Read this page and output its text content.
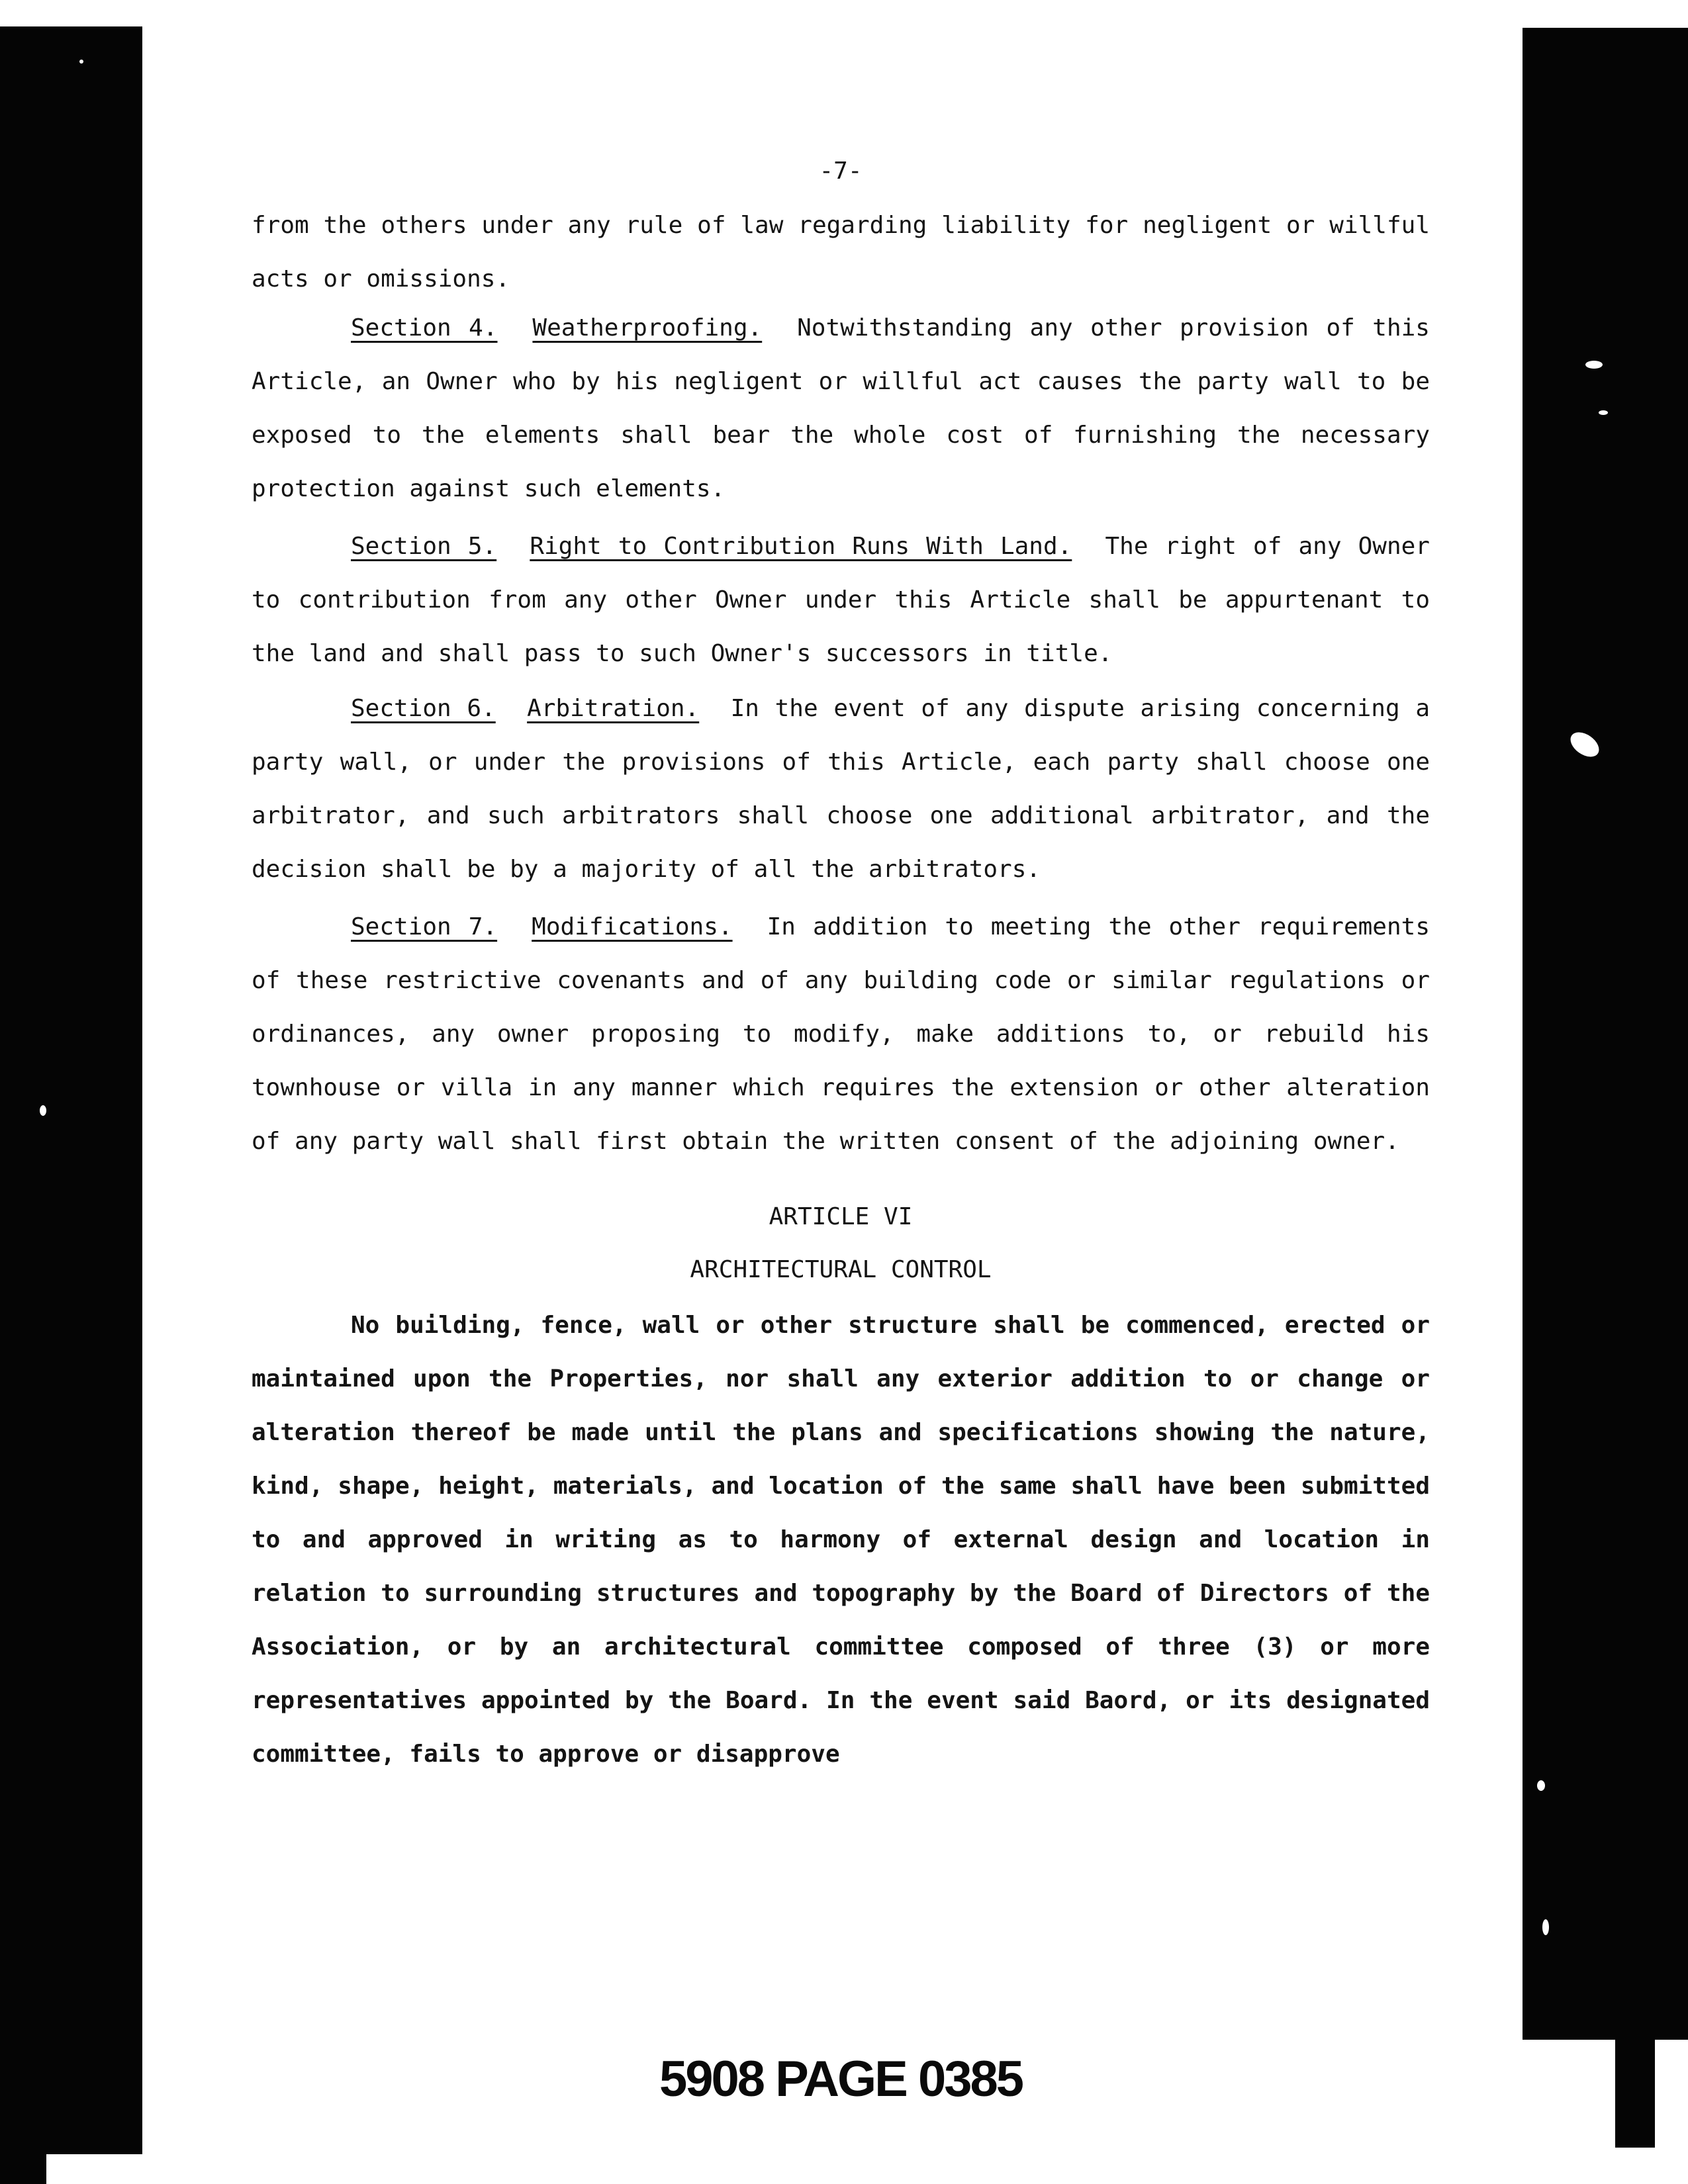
-7-

from the others under any rule of law regarding liability for negligent or willful acts or omissions.

Section 4. Weatherproofing. Notwithstanding any other provision of this Article, an Owner who by his negligent or willful act causes the party wall to be exposed to the elements shall bear the whole cost of furnishing the necessary protection against such elements.

Section 5. Right to Contribution Runs With Land. The right of any Owner to contribution from any other Owner under this Article shall be appurtenant to the land and shall pass to such Owner's successors in title.

Section 6. Arbitration. In the event of any dispute arising concerning a party wall, or under the provisions of this Article, each party shall choose one arbitrator, and such arbitrators shall choose one additional arbitrator, and the decision shall be by a majority of all the arbitrators.

Section 7. Modifications. In addition to meeting the other requirements of these restrictive covenants and of any building code or similar regulations or ordinances, any owner proposing to modify, make additions to, or rebuild his townhouse or villa in any manner which requires the extension or other alteration of any party wall shall first obtain the written consent of the adjoining owner.

ARTICLE VI
ARCHITECTURAL CONTROL

No building, fence, wall or other structure shall be commenced, erected or maintained upon the Properties, nor shall any exterior addition to or change or alteration thereof be made until the plans and specifications showing the nature, kind, shape, height, materials, and location of the same shall have been submitted to and approved in writing as to harmony of external design and location in relation to surrounding structures and topography by the Board of Directors of the Association, or by an architectural committee composed of three (3) or more representatives appointed by the Board. In the event said Baord, or its designated committee, fails to approve or disapprove

5908 PAGE 0385
